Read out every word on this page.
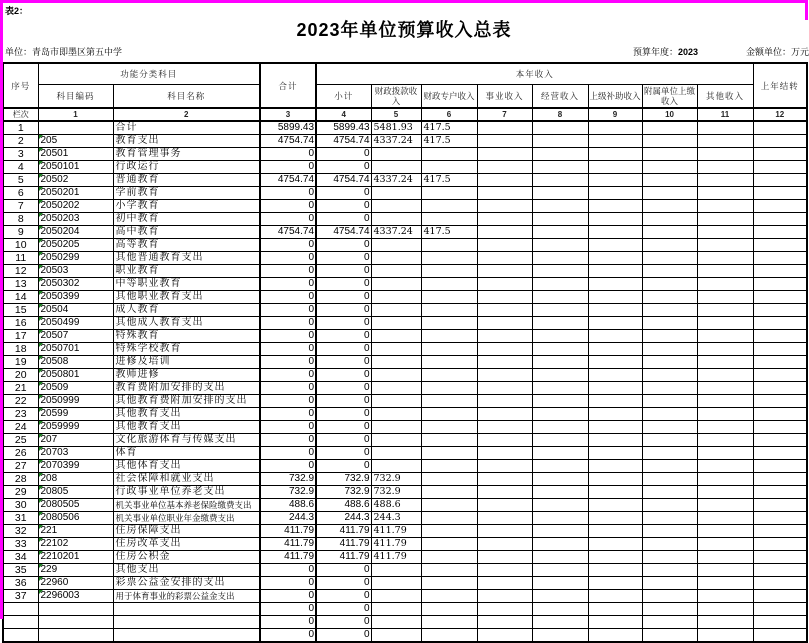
表2：
2023年单位预算收入总表
单位：青岛市即墨区第五中学	预算年度：2023	金额单位：万元
序号	功能分类科目		合计	本年收入								上年结转
	科目编码	科目名称		小计	财政拨款收入	财政专户收入	事业收入	经营收入	上级补助收入	附属单位上缴收入	其他收入	
栏次	1	2	3	4	5	6	7	8	9	10	11	12
1		合计	5899.43	5899.43	5481.93	417.5						
2	205	教育支出	4754.74	4754.74	4337.24	417.5						
3	20501	教育管理事务	0	0								
4	2050101	行政运行	0	0								
5	20502	普通教育	4754.74	4754.74	4337.24	417.5						
6	2050201	学前教育	0	0								
7	2050202	小学教育	0	0								
8	2050203	初中教育	0	0								
9	2050204	高中教育	4754.74	4754.74	4337.24	417.5						
10	2050205	高等教育	0	0								
11	2050299	其他普通教育支出	0	0								
12	20503	职业教育	0	0								
13	2050302	中等职业教育	0	0								
14	2050399	其他职业教育支出	0	0								
15	20504	成人教育	0	0								
16	2050499	其他成人教育支出	0	0								
17	20507	特殊教育	0	0								
18	2050701	特殊学校教育	0	0								
19	20508	进修及培训	0	0								
20	2050801	教师进修	0	0								
21	20509	教育费附加安排的支出	0	0								
22	2050999	其他教育费附加安排的支出	0	0								
23	20599	其他教育支出	0	0								
24	2059999	其他教育支出	0	0								
25	207	文化旅游体育与传媒支出	0	0								
26	20703	体育	0	0								
27	2070399	其他体育支出	0	0								
28	208	社会保障和就业支出	732.9	732.9	732.9							
29	20805	行政事业单位养老支出	732.9	732.9	732.9							
30	2080505	机关事业单位基本养老保险缴费支出	488.6	488.6	488.6							
31	2080506	机关事业单位职业年金缴费支出	244.3	244.3	244.3							
32	221	住房保障支出	411.79	411.79	411.79							
33	22102	住房改革支出	411.79	411.79	411.79							
34	2210201	住房公积金	411.79	411.79	411.79							
35	229	其他支出	0	0								
36	22960	彩票公益金安排的支出	0	0								
37	2296003	用于体育事业的彩票公益金支出	0	0								
			0	0								
			0	0								
			0	0								
